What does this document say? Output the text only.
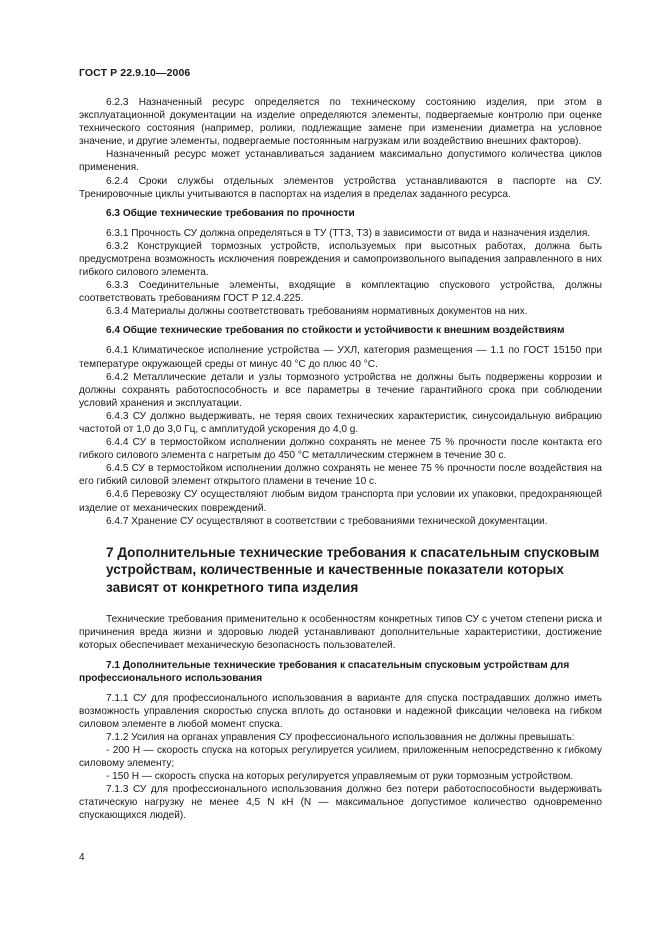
ГОСТ Р 22.9.10—2006

6.2.3 Назначенный ресурс определяется по техническому состоянию изделия, при этом в эксплуатационной документации на изделие определяются элементы, подвергаемые контролю при оценке технического состояния (например, ролики, подлежащие замене при изменении диаметра на условное значение, и другие элементы, подвергаемые постоянным нагрузкам или воздействию внешних факторов).

Назначенный ресурс может устанавливаться заданием максимально допустимого количества циклов применения.

6.2.4 Сроки службы отдельных элементов устройства устанавливаются в паспорте на СУ. Тренировочные циклы учитываются в паспортах на изделия в пределах заданного ресурса.

6.3 Общие технические требования по прочности

6.3.1 Прочность СУ должна определяться в ТУ (ТТЗ, ТЗ) в зависимости от вида и назначения изделия.

6.3.2 Конструкцией тормозных устройств, используемых при высотных работах, должна быть предусмотрена возможность исключения повреждения и самопроизвольного выпадения заправленного в них гибкого силового элемента.

6.3.3 Соединительные элементы, входящие в комплектацию спускового устройства, должны соответствовать требованиям ГОСТ Р 12.4.225.

6.3.4 Материалы должны соответствовать требованиям нормативных документов на них.

6.4 Общие технические требования по стойкости и устойчивости к внешним воздействиям

6.4.1 Климатическое исполнение устройства — УХЛ, категория размещения — 1.1 по ГОСТ 15150 при температуре окружающей среды от минус 40 °С до плюс 40 °С.

6.4.2 Металлические детали и узлы тормозного устройства не должны быть подвержены коррозии и должны сохранять работоспособность и все параметры в течение гарантийного срока при соблюдении условий хранения и эксплуатации.

6.4.3 СУ должно выдерживать, не теряя своих технических характеристик, синусоидальную вибрацию частотой от 1,0 до 3,0 Гц, с амплитудой ускорения до 4,0 g.

6.4.4 СУ в термостойком исполнении должно сохранять не менее 75 % прочности после контакта его гибкого силового элемента с нагретым до 450 °С металлическим стержнем в течение 30 с.

6.4.5 СУ в термостойком исполнении должно сохранять не менее 75 % прочности после воздействия на его гибкий силовой элемент открытого пламени в течение 10 с.

6.4.6 Перевозку СУ осуществляют любым видом транспорта при условии их упаковки, предохраняющей изделие от механических повреждений.

6.4.7 Хранение СУ осуществляют в соответствии с требованиями технической документации.

7 Дополнительные технические требования к спасательным спусковым устройствам, количественные и качественные показатели которых зависят от конкретного типа изделия

Технические требования применительно к особенностям конкретных типов СУ с учетом степени риска и причинения вреда жизни и здоровью людей устанавливают дополнительные характеристики, достижение которых обеспечивает механическую безопасность пользователей.

7.1 Дополнительные технические требования к спасательным спусковым устройствам для профессионального использования

7.1.1 СУ для профессионального использования в варианте для спуска пострадавших должно иметь возможность управления скоростью спуска вплоть до остановки и надежной фиксации человека на гибком силовом элементе в любой момент спуска.

7.1.2 Усилия на органах управления СУ профессионального использования не должны превышать:

- 200 Н — скорость спуска на которых регулируется усилием, приложенным непосредственно к гибкому силовому элементу;

- 150 Н — скорость спуска на которых регулируется управляемым от руки тормозным устройством.

7.1.3 СУ для профессионального использования должно без потери работоспособности выдерживать статическую нагрузку не менее 4,5 N кН (N — максимальное допустимое количество одновременно спускающихся людей).

4
